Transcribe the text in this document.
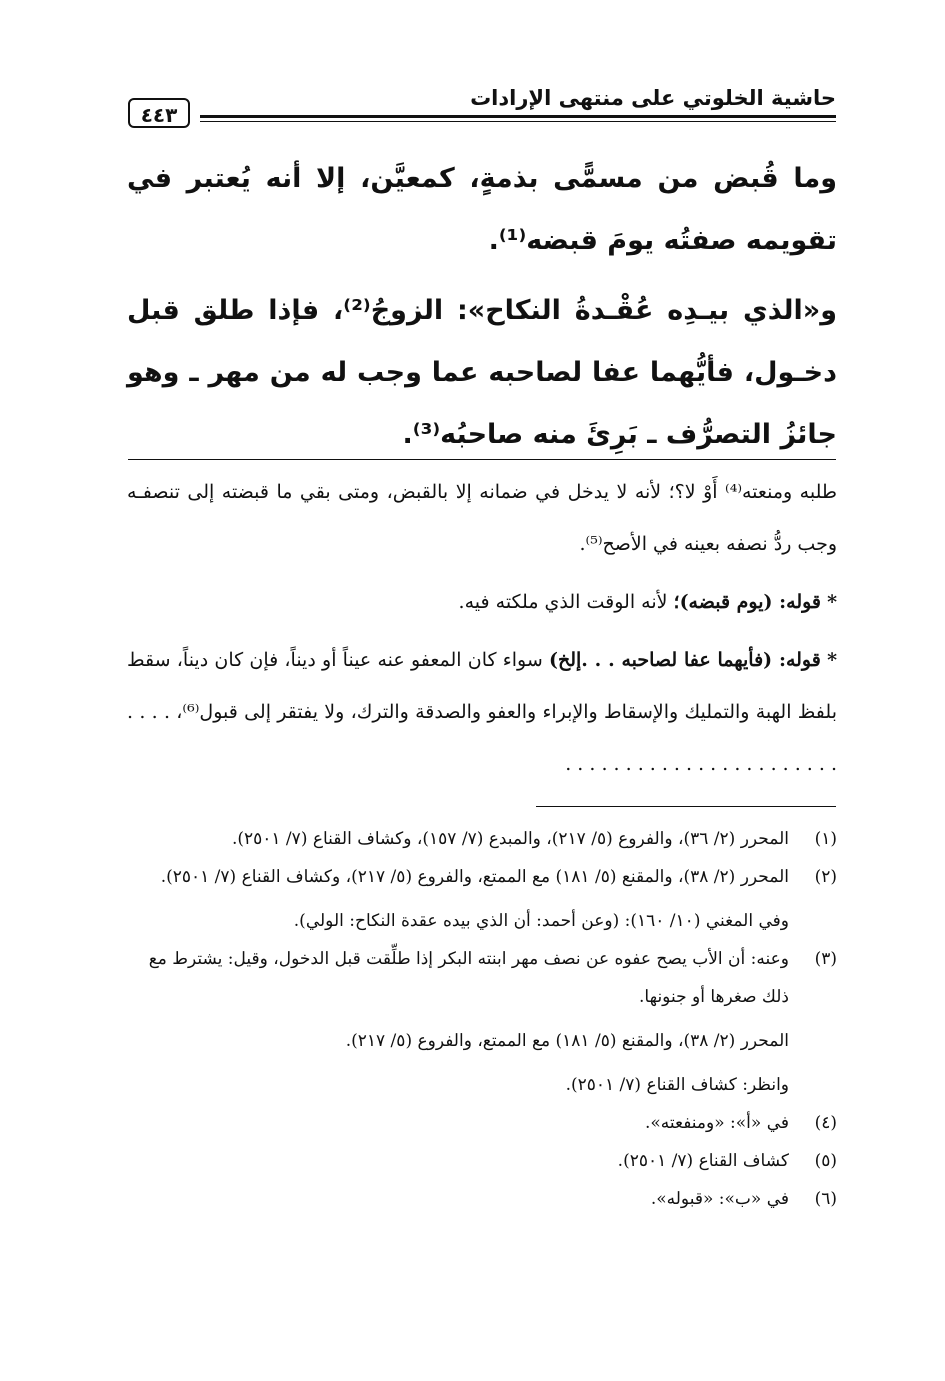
حاشية الخلوتي على منتهى الإرادات
٤٤٣

وما قُبض من مسمًّى بذمةٍ، كمعيَّن، إلا أنه يُعتبر في تقويمه صفتُه يومَ قبضه⁽¹⁾.

و«الذي بيـدِه عُقْـدةُ النكاح»: الزوجُ⁽²⁾، فإذا طلق قبل دخـول، فأيُّهما عفا لصاحبه عما وجب له من مهر ـ وهو جائزُ التصرُّف ـ بَرِئَ منه صاحبُه⁽³⁾.

طلبه ومنعته⁽⁴⁾ أَوْ لا؟؛ لأنه لا يدخل في ضمانه إلا بالقبض، ومتى بقي ما قبضته إلى تنصفـه وجب ردُّ نصفه بعينه في الأصح⁽⁵⁾.

* قوله: (يوم قبضه)؛ لأنه الوقت الذي ملكته فيه.

* قوله: (فأيهما عفا لصاحبه . . .إلخ) سواء كان المعفو عنه عيناً أو ديناً، فإن كان ديناً، سقط بلفظ الهبة والتمليك والإسقاط والإبراء والعفو والصدقة والترك، ولا يفتقر إلى قبول⁽⁶⁾، . . . . . . . . . . . . . . . . . . . . . . . . . . .

(١)

المحرر (٢/ ٣٦)، والفروع (٥/ ٢١٧)، والمبدع (٧/ ١٥٧)، وكشاف القناع (٧/ ٢٥٠١).

(٢)

المحرر (٢/ ٣٨)، والمقنع (٥/ ١٨١) مع الممتع، والفروع (٥/ ٢١٧)، وكشاف القناع (٧/ ٢٥٠١).

وفي المغني (١٠/ ١٦٠): (وعن أحمد: أن الذي بيده عقدة النكاح: الولي).

(٣)

وعنه: أن الأب يصح عفوه عن نصف مهر ابنته البكر إذا طلِّقت قبل الدخول، وقيل: يشترط مع ذلك صغرها أو جنونها.

المحرر (٢/ ٣٨)، والمقنع (٥/ ١٨١) مع الممتع، والفروع (٥/ ٢١٧).

وانظر: كشاف القناع (٧/ ٢٥٠١).

(٤)

في «أ»: «ومنفعته».

(٥)

كشاف القناع (٧/ ٢٥٠١).

(٦)

في «ب»: «قبوله».
